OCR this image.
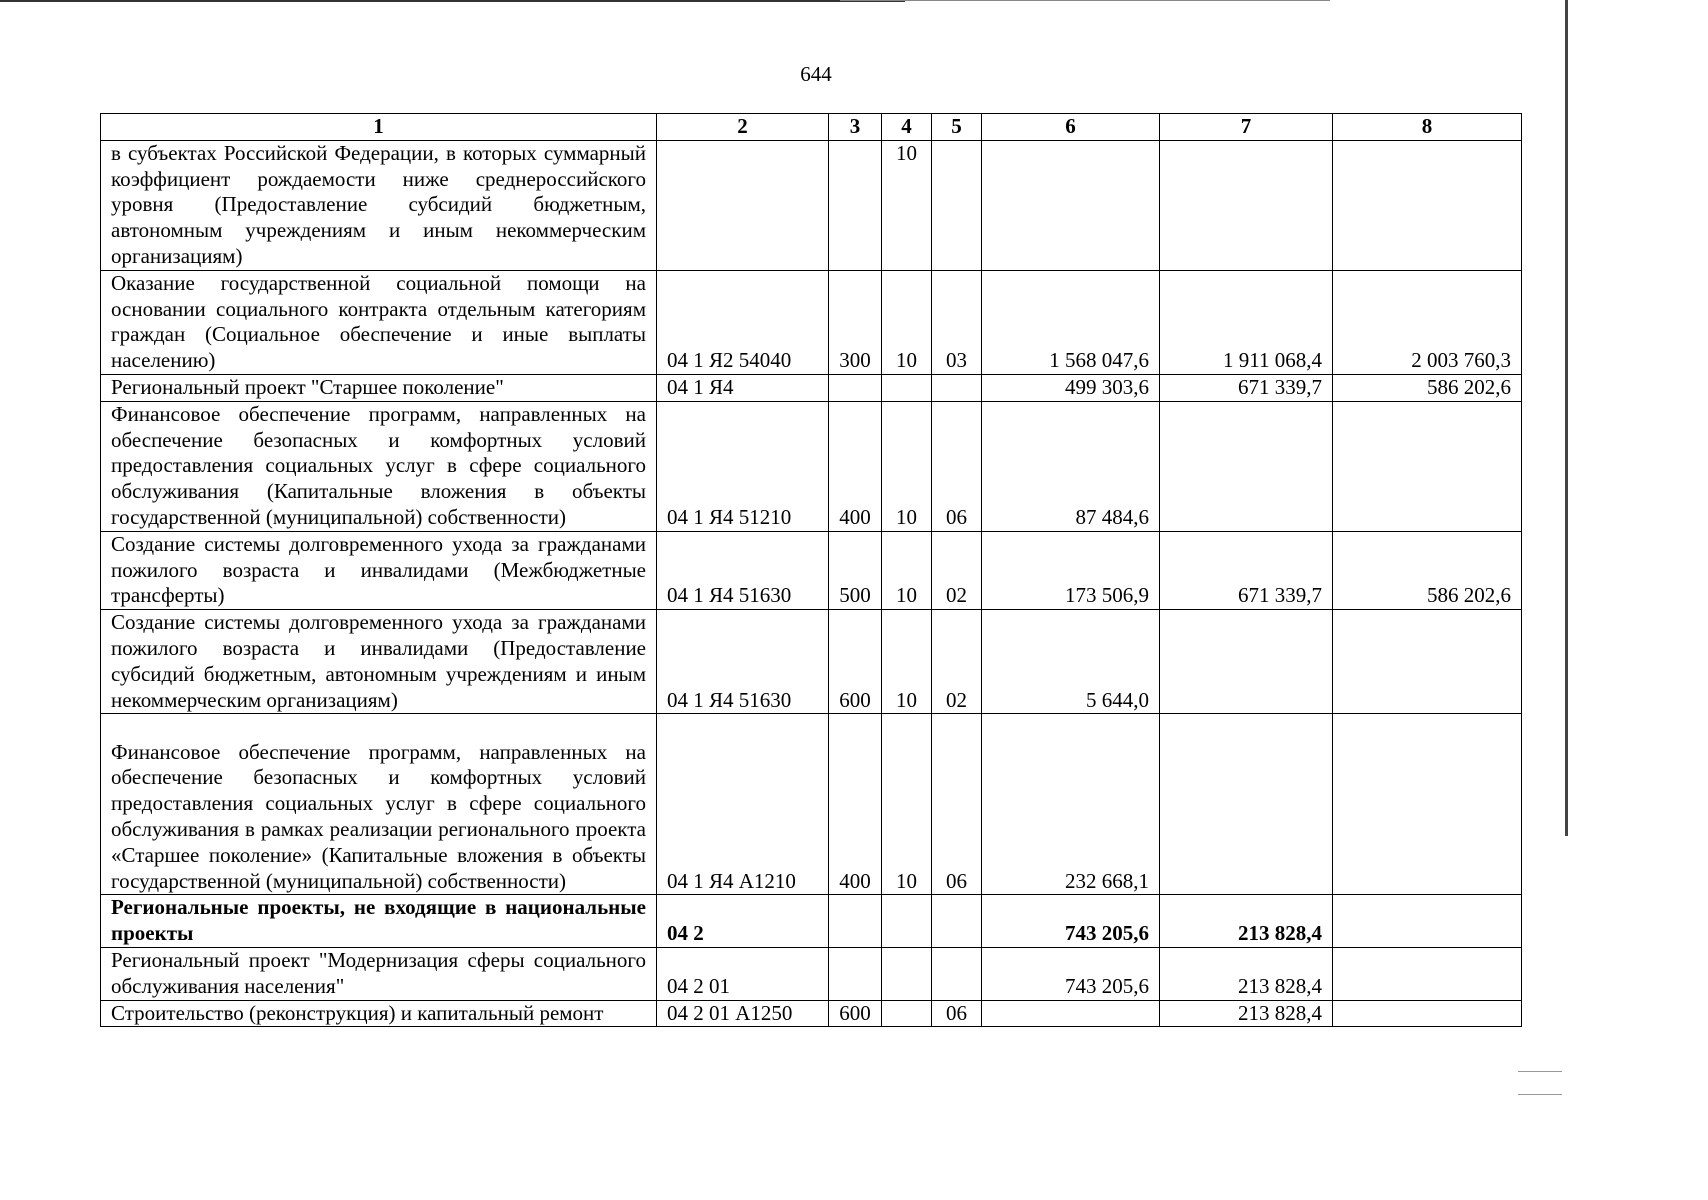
644
1	2	3	4	5	6	7	8
в субъектах Российской Федерации, в которых суммарный коэффициент рождаемости ниже среднероссийского уровня (Предоставление субсидий бюджетным, автономным учреждениям и иным некоммерческим организациям)			10				
Оказание государственной социальной помощи на основании социального контракта отдельным категориям граждан (Социальное обеспечение и иные выплаты населению)	04 1 Я2 54040	300	10	03	1 568 047,6	1 911 068,4	2 003 760,3
Региональный проект "Старшее поколение"	04 1 Я4				499 303,6	671 339,7	586 202,6
Финансовое обеспечение программ, направленных на обеспечение безопасных и комфортных условий предоставления социальных услуг в сфере социального обслуживания (Капитальные вложения в объекты государственной (муниципальной) собственности)	04 1 Я4 51210	400	10	06	87 484,6		
Создание системы долговременного ухода за гражданами пожилого возраста и инвалидами (Межбюджетные трансферты)	04 1 Я4 51630	500	10	02	173 506,9	671 339,7	586 202,6
Создание системы долговременного ухода за гражданами пожилого возраста и инвалидами (Предоставление субсидий бюджетным, автономным учреждениям и иным некоммерческим организациям)	04 1 Я4 51630	600	10	02	5 644,0		
Финансовое обеспечение программ, направленных на обеспечение безопасных и комфортных условий предоставления социальных услуг в сфере социального обслуживания в рамках реализации регионального проекта «Старшее поколение» (Капитальные вложения в объекты государственной (муниципальной) собственности)	04 1 Я4 А1210	400	10	06	232 668,1		
Региональные проекты, не входящие в национальные проекты	04 2				743 205,6	213 828,4	
Региональный проект "Модернизация сферы социального обслуживания населения"	04 2 01				743 205,6	213 828,4	
Строительство (реконструкция) и капитальный ремонт	04 2 01 А1250	600		06		213 828,4	
